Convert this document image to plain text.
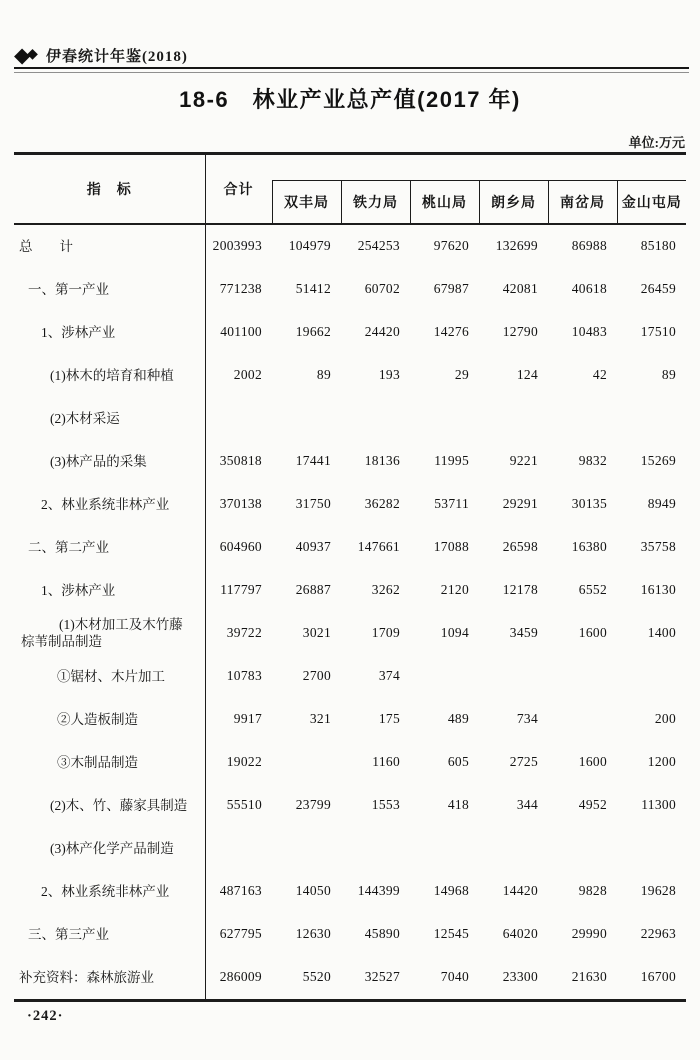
◆
◆ 伊春统计年鉴(2018)
18-6　林业产业总产值(2017 年)
单位:万元
指　标	合计						
		双丰局	铁力局	桃山局	朗乡局	南岔局	金山屯局

总　　计	2003993	104979	254253	97620	132699	86988	85180

一、第一产业	771238	51412	60702	67987	42081	40618	26459

1、涉林产业	401100	19662	24420	14276	12790	10483	17510

(1)林木的培育和种植	2002	89	193	29	124	42	89

(2)木材采运							

(3)林产品的采集	350818	17441	18136	11995	9221	9832	15269

2、林业系统非林产业	370138	31750	36282	53711	29291	30135	8949

二、第二产业	604960	40937	147661	17088	26598	16380	35758

1、涉林产业	117797	26887	3262	2120	12178	6552	16130

(1)木材加工及木竹藤
棕苇制品制造	39722	3021	1709	1094	3459	1600	1400

①锯材、木片加工	10783	2700	374				

②人造板制造	9917	321	175	489	734		200

③木制品制造	19022		1160	605	2725	1600	1200

(2)木、竹、藤家具制造	55510	23799	1553	418	344	4952	11300

(3)林产化学产品制造							

2、林业系统非林产业	487163	14050	144399	14968	14420	9828	19628

三、第三产业	627795	12630	45890	12545	64020	29990	22963

补充资料：森林旅游业	286009	5520	32527	7040	23300	21630	16700
·242·
